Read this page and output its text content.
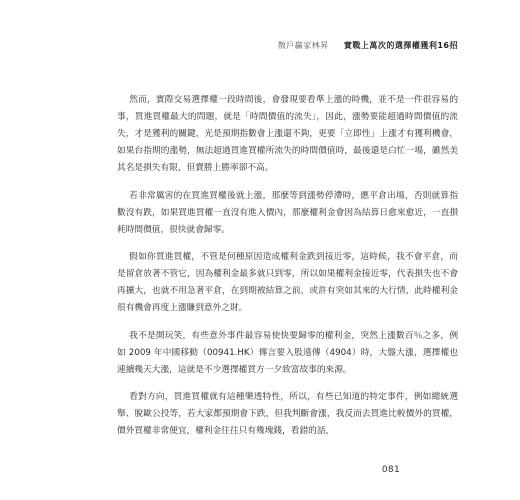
散戶贏家林昇 實戰上萬次的選擇權獲利16招

然而，實際交易選擇權一段時間後，會發現要看準上漲的時機，並不是一件很容易的事，買進買權最大的問題，就是「時間價值的流失」，因此，漲勢要能超過時間價值的流失，才是獲利的關鍵，光是預期指數會上漲還不夠，更要「立即性」上漲才有獲利機會，如果台指期的漲勢，無法超過買進買權所流失的時間價值時，最後還是白忙一場，雖然美其名是損失有限，但賣勝上勝率卻不高。

若非常厲害的在買進買權後就上漲，那麼等到漲勢停滯時，應平倉出場，否則就算指數沒有跌，如果買進買權一直沒有進入價內，那麼權利金會因為結算日愈來愈近，一直損耗時間價值，很快就會歸零。

假如你買進買權，不管是何種原因造成權利金跌到接近零，這時候，我不會平倉，而是留倉放著不管它，因為權利金最多就只到零，所以如果權利金接近零，代表損失也不會再擴大，也就不用急著平倉，在到期被結算之前，或許有突如其來的大行情，此時權利金很有機會再度上漲賺到意外之財。

我不是開玩笑，有些意外事件最容易使快要歸零的權利金，突然上漲數百％之多，例如 2009 年中國移動（00941.HK）傳言要入股遠傳（4904）時，大盤大漲，選擇權也連續幾天大漲，這就是不少選擇權買方一夕致富故事的來源。

看對方向，買進買權就有這種樂透特性，所以，有些已知道的特定事件，例如總統選舉、脫歐公投等，若大家都預期會下跌，但我判斷會漲，我反而去買進比較價外的買權，價外買權非常便宜，權利金往往只有幾塊錢，看錯的話，

081
